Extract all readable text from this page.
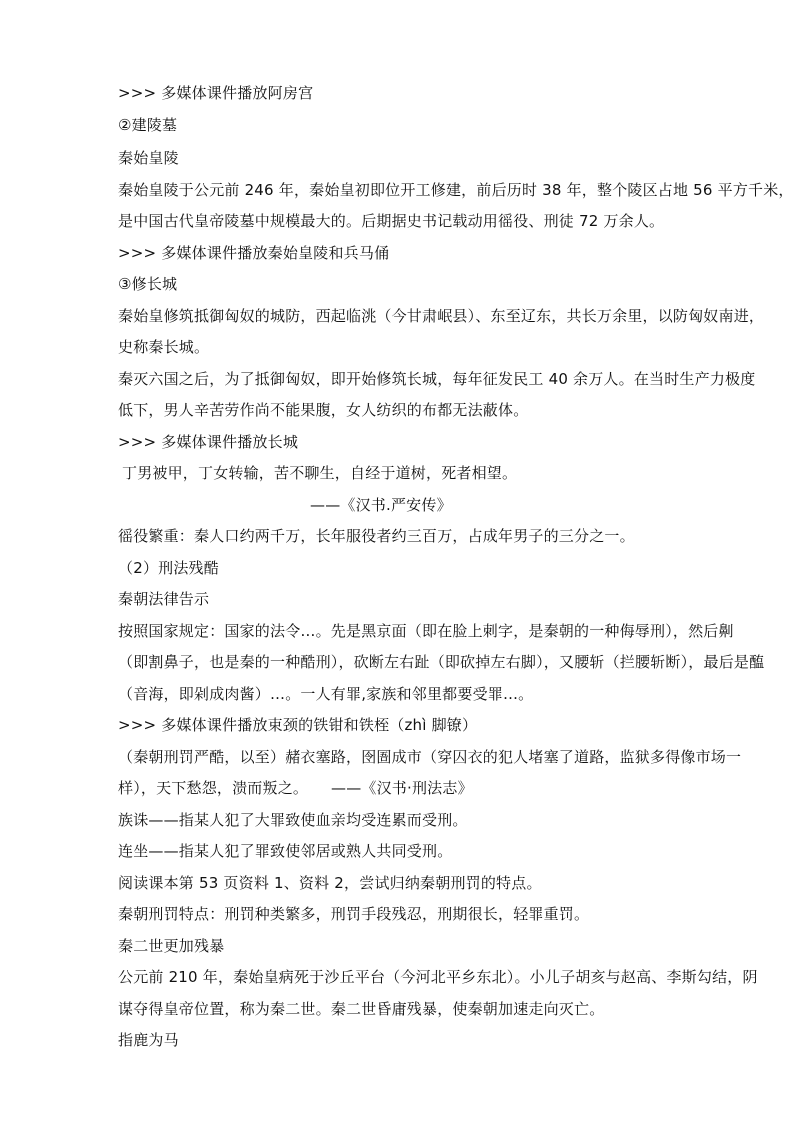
>>> 多媒体课件播放阿房宫
②建陵墓
秦始皇陵
秦始皇陵于公元前 246 年，秦始皇初即位开工修建，前后历时 38 年，整个陵区占地 56 平方千米，
是中国古代皇帝陵墓中规模最大的。后期据史书记载动用徭役、刑徒 72 万余人。
>>> 多媒体课件播放秦始皇陵和兵马俑
③修长城
秦始皇修筑抵御匈奴的城防，西起临洮（今甘肃岷县）、东至辽东，共长万余里，以防匈奴南进，
史称秦长城。
秦灭六国之后，为了抵御匈奴，即开始修筑长城，每年征发民工 40 余万人。在当时生产力极度
低下，男人辛苦劳作尚不能果腹，女人纺织的布都无法蔽体。
>>> 多媒体课件播放长城
丁男被甲，丁女转输，苦不聊生，自经于道树，死者相望。
——《汉书.严安传》
徭役繁重：秦人口约两千万，长年服役者约三百万，占成年男子的三分之一。
（2）刑法残酷
秦朝法律告示
按照国家规定：国家的法令…。先是黑京面（即在脸上刺字，是秦朝的一种侮辱刑），然后劓
（即割鼻子，也是秦的一种酷刑），砍断左右趾（即砍掉左右脚），又腰斩（拦腰斩断），最后是醢
（音海，即剁成肉酱）…。一人有罪,家族和邻里都要受罪…。
>>> 多媒体课件播放束颈的铁钳和铁桎（zhì 脚镣）
（秦朝刑罚严酷，以至）赭衣塞路，囹圄成市（穿囚衣的犯人堵塞了道路，监狱多得像市场一
样），天下愁怨，溃而叛之。　　——《汉书·刑法志》
族诛——指某人犯了大罪致使血亲均受连累而受刑。
连坐——指某人犯了罪致使邻居或熟人共同受刑。
阅读课本第 53 页资料 1、资料 2，尝试归纳秦朝刑罚的特点。
秦朝刑罚特点：刑罚种类繁多，刑罚手段残忍，刑期很长，轻罪重罚。
秦二世更加残暴
公元前 210 年，秦始皇病死于沙丘平台（今河北平乡东北）。小儿子胡亥与赵高、李斯勾结，阴
谋夺得皇帝位置，称为秦二世。秦二世昏庸残暴，使秦朝加速走向灭亡。
指鹿为马
